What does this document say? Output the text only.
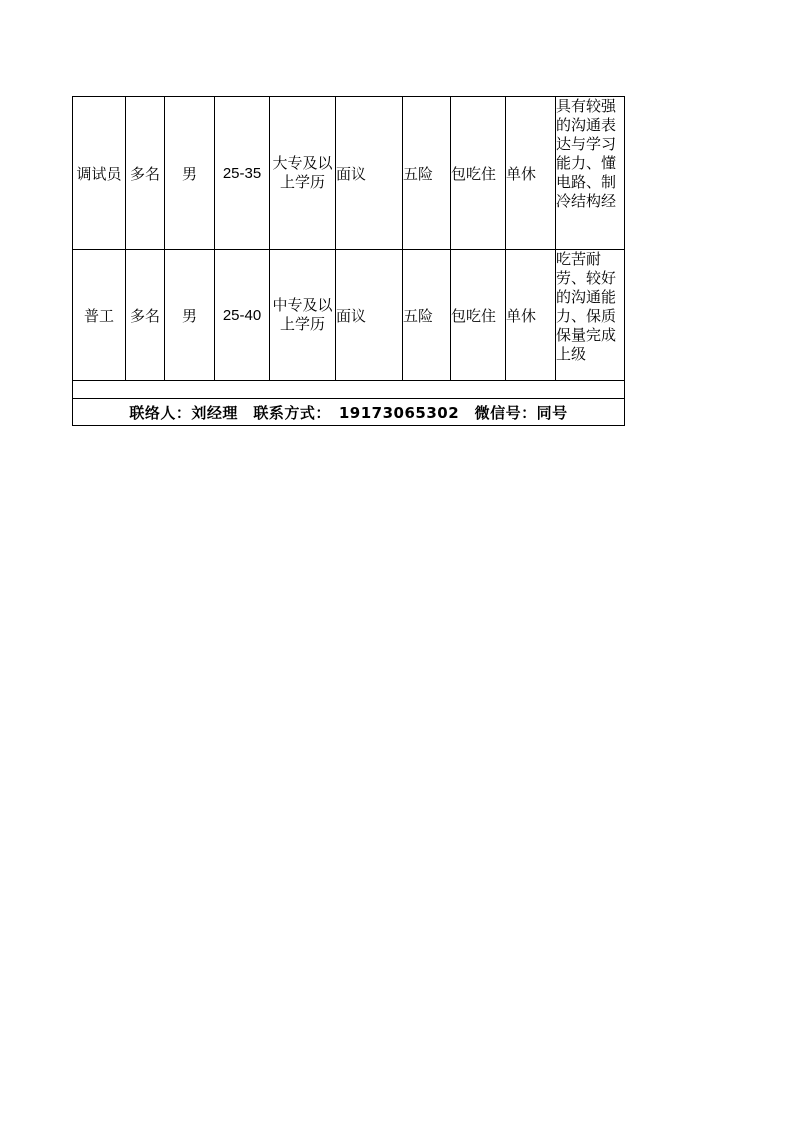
调试员	多名	男	25-35	大专及以上学历	面议	五险	包吃住	单休	具有较强的沟通表达与学习能力、懂电路、制冷结构经

普工	多名	男	25-40	中专及以上学历	面议	五险	包吃住	单休	吃苦耐劳、较好的沟通能力、保质保量完成上级

联络人：刘经理　联系方式：　19173065302　微信号：同号									
